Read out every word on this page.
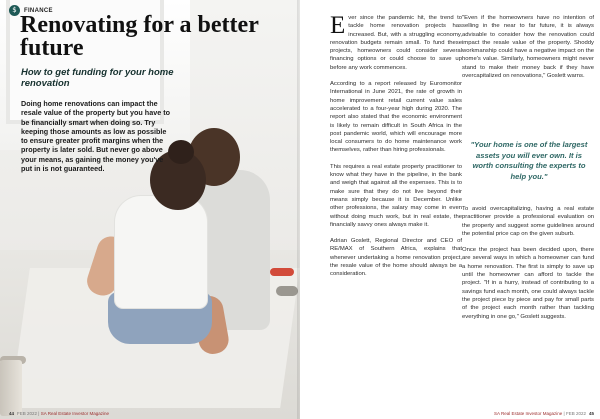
$	FINANCE
Renovating for a better future
How to get funding for your home renovation

Doing home renovations can impact the resale value of the property but you have to be financially smart when doing so. Try keeping those amounts as low as possible to ensure greater profit margins when the property is later sold. But never go above your means, as gaining the money you've put in is not guaranteed.

44 FEB 2022 | SA Real Estate Investor Magazine	SA Real Estate Investor Magazine | FEB 2022 45

Ever since the pandemic hit, the trend to tackle home renovation projects has increased. But, with a struggling economy, renovation budgets remain small. To fund these projects, homeowners could consider several financing options or could choose to save up before any work commences.

According to a report released by Euromonitor International in June 2021, the rate of growth in home improvement retail current value sales accelerated to a four-year high during 2020. The report also stated that the economic environment is likely to remain difficult in South Africa in the post pandemic world, which will encourage more local consumers to do home maintenance work themselves, rather than hiring professionals.

This requires a real estate property practitioner to know what they have in the pipeline, in the bank and weigh that against all the expenses. This is to make sure that they do not live beyond their means simply because it is December. Unlike other professions, the salary may come in even without doing much work, but in real estate, the financially savvy ones always make it.

Adrian Goslett, Regional Director and CEO of RE/MAX of Southern Africa, explains that whenever undertaking a home renovation project, the resale value of the home should always be a consideration.

"Even if the homeowners have no intention of selling in the near to far future, it is always advisable to consider how the renovation could impact the resale value of the property. Shoddy workmanship could have a negative impact on the home's value. Similarly, homeowners might never stand to make their money back if they have overcapitalized on renovations," Goslett warns.

"Your home is one of the largest assets you will ever own. It is worth consulting the experts to help you."

To avoid overcapitalizing, having a real estate practitioner provide a professional evaluation on the property and suggest some guidelines around the potential price cap on the given suburb.

Once the project has been decided upon, there are several ways in which a homeowner can fund a home renovation. The first is simply to save up until the homeowner can afford to tackle the project. "If in a hurry, instead of contributing to a savings fund each month, one could always tackle the project piece by piece and pay for small parts of the project each month rather than tackling everything in one go," Goslett suggests.
